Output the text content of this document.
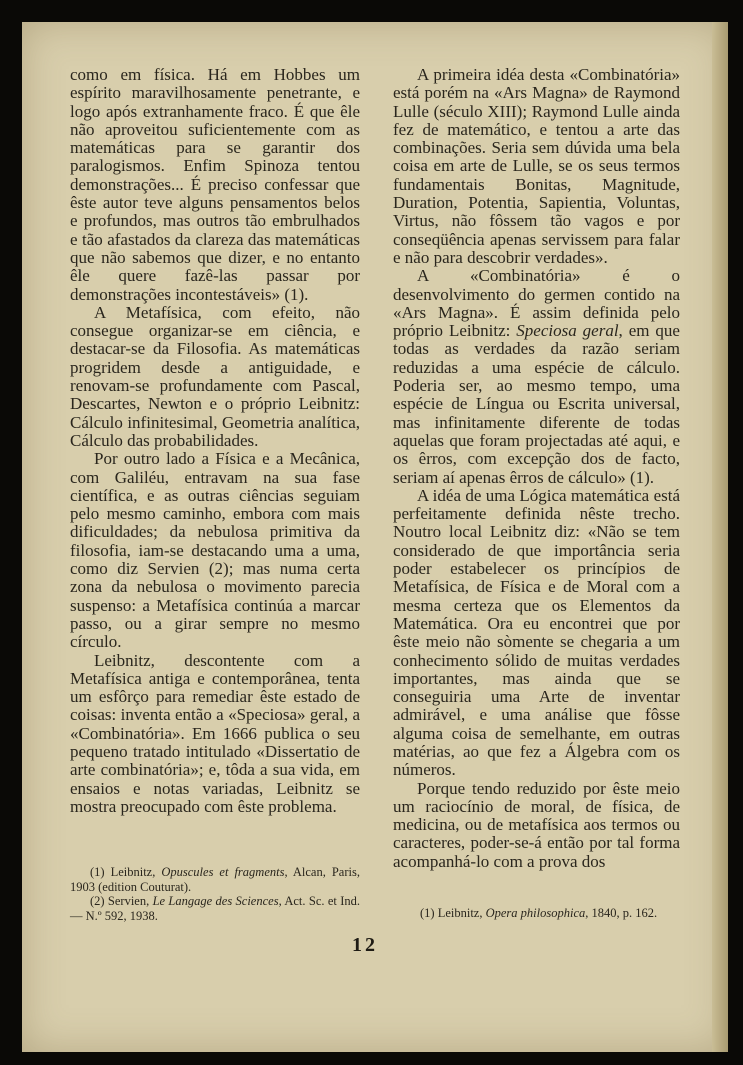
como em física. Há em Hobbes um espírito maravilhosamente penetrante, e logo após extranhamente fraco. É que êle não aproveitou suficientemente com as matemáticas para se garantir dos paralogismos. Enfim Spinoza tentou demonstrações... É preciso confessar que êste autor teve alguns pensamentos belos e profundos, mas outros tão embrulhados e tão afastados da clareza das matemáticas que não sabemos que dizer, e no entanto êle quere fazê-las passar por demonstrações incontestáveis» (1).

A Metafísica, com efeito, não consegue organizar-se em ciência, e destacar-se da Filosofia. As matemáticas progridem desde a antiguidade, e renovam-se profundamente com Pascal, Descartes, Newton e o próprio Leibnitz: Cálculo infinitesimal, Geometria analítica, Cálculo das probabilidades.

Por outro lado a Física e a Mecânica, com Galiléu, entravam na sua fase científica, e as outras ciências seguiam pelo mesmo caminho, embora com mais dificuldades; da nebulosa primitiva da filosofia, iam-se destacando uma a uma, como diz Servien (2); mas numa certa zona da nebulosa o movimento parecia suspenso: a Metafísica continúa a marcar passo, ou a girar sempre no mesmo círculo.

Leibnitz, descontente com a Metafísica antiga e contemporânea, tenta um esfôrço para remediar êste estado de coisas: inventa então a «Speciosa» geral, a «Combinatória». Em 1666 publica o seu pequeno tratado intitulado «Dissertatio de arte combinatória»; e, tôda a sua vida, em ensaios e notas variadas, Leibnitz se mostra preocupado com êste problema.

A primeira idéa desta «Combinatória» está porém na «Ars Magna» de Raymond Lulle (século XIII); Raymond Lulle ainda fez de matemático, e tentou a arte das combinações. Seria sem dúvida uma bela coisa em arte de Lulle, se os seus termos fundamentais Bonitas, Magnitude, Duration, Potentia, Sapientia, Voluntas, Virtus, não fôssem tão vagos e por conseqüência apenas servissem para falar e não para descobrir verdades».

A «Combinatória» é o desenvolvimento do germen contido na «Ars Magna». É assim definida pelo próprio Leibnitz: Speciosa geral, em que todas as verdades da razão seriam reduzidas a uma espécie de cálculo. Poderia ser, ao mesmo tempo, uma espécie de Língua ou Escrita universal, mas infinitamente diferente de todas aquelas que foram projectadas até aqui, e os êrros, com excepção dos de facto, seriam aí apenas êrros de cálculo» (1).

A idéa de uma Lógica matemática está perfeitamente definida nêste trecho. Noutro local Leibnitz diz: «Não se tem considerado de que importância seria poder estabelecer os princípios de Metafísica, de Física e de Moral com a mesma certeza que os Elementos da Matemática. Ora eu encontrei que por êste meio não sòmente se chegaria a um conhecimento sólido de muitas verdades importantes, mas ainda que se conseguiria uma Arte de inventar admirável, e uma análise que fôsse alguma coisa de semelhante, em outras matérias, ao que fez a Álgebra com os números.

Porque tendo reduzido por êste meio um raciocínio de moral, de física, de medicina, ou de metafísica aos termos ou caracteres, poder-se-á então por tal forma acompanhá-lo com a prova dos

(1) Leibnitz, Opuscules et fragments, Alcan, Paris, 1903 (edition Couturat).
(2) Servien, Le Langage des Sciences, Act. Sc. et Ind. — N.º 592, 1938.
12
(1) Leibnitz, Opera philosophica, 1840, p. 162.
